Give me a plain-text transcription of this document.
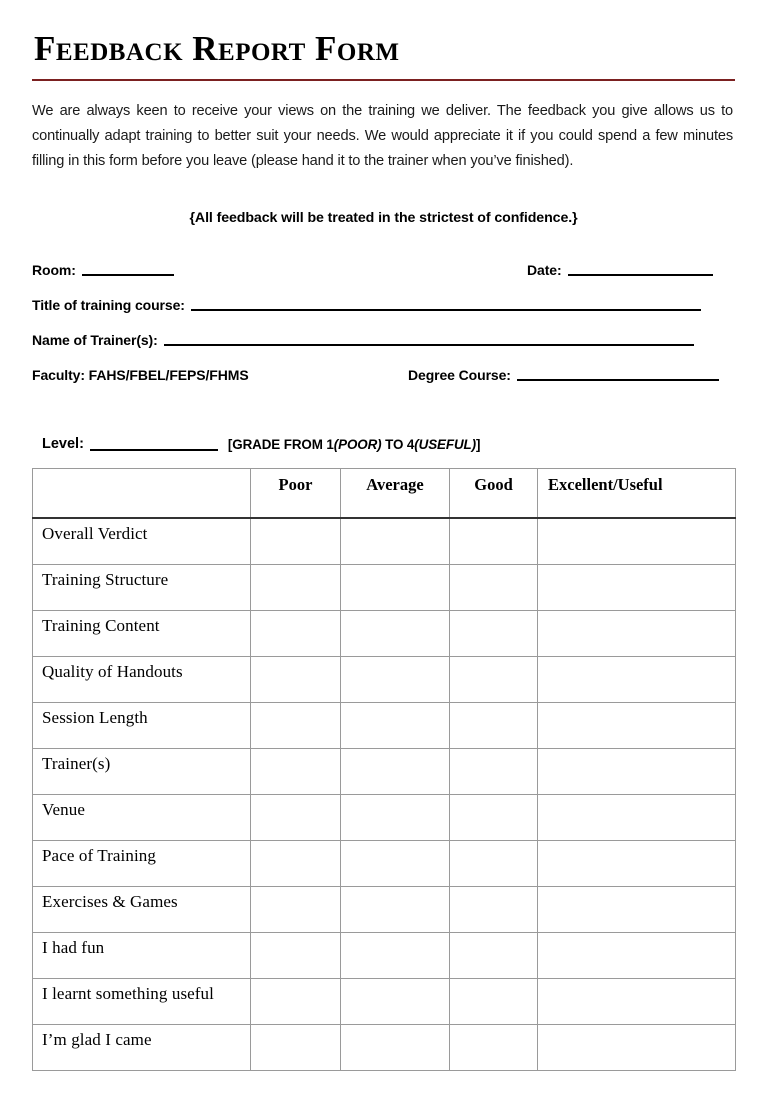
Feedback Report Form

We are always keen to receive your views on the training we deliver. The feedback you give allows us to continually adapt training to better suit your needs. We would appreciate it if you could spend a few minutes filling in this form before you leave (please hand it to the trainer when you’ve finished).

{All feedback will be treated in the strictest of confidence.}
Room:	Date:
Title of training course:
Name of Trainer(s):
Faculty: FAHS/FBEL/FEPS/FHMS	Degree Course:
Level:	[GRADE FROM 1(POOR) TO 4(USEFUL)]
	Poor	Average	Good	Excellent/Useful
Overall Verdict				
Training Structure				
Training Content				
Quality of Handouts				
Session Length				
Trainer(s)				
Venue				
Pace of Training				
Exercises & Games				
I had fun				
I learnt something useful				
I’m glad I came				
